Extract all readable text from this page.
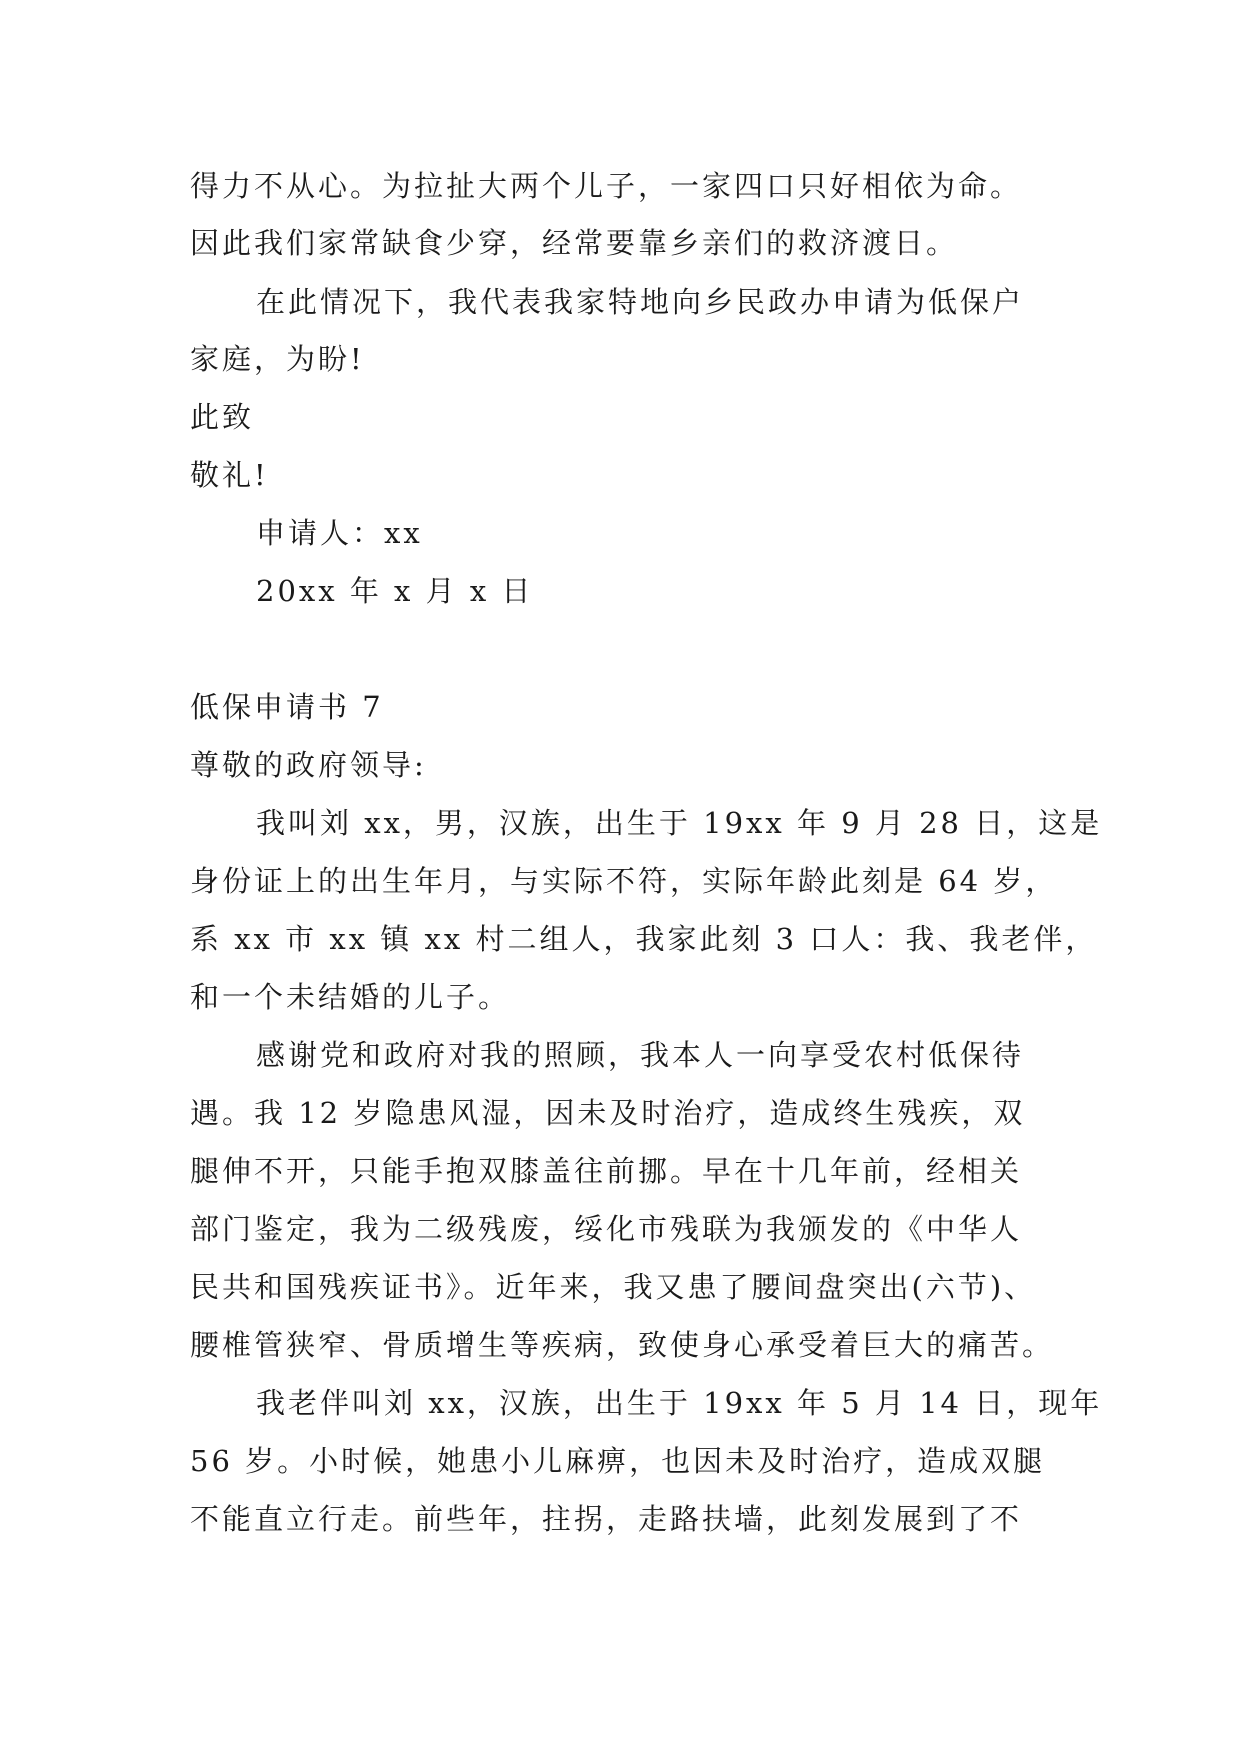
得力不从心。为拉扯大两个儿子，一家四口只好相依为命。
因此我们家常缺食少穿，经常要靠乡亲们的救济渡日。
在此情况下，我代表我家特地向乡民政办申请为低保户
家庭，为盼!
此致
敬礼!
申请人：xx
20xx 年 x 月 x 日
低保申请书 7
尊敬的政府领导:
我叫刘 xx，男，汉族，出生于 19xx 年 9 月 28 日，这是
身份证上的出生年月，与实际不符，实际年龄此刻是 64 岁，
系 xx 市 xx 镇 xx 村二组人，我家此刻 3 口人：我、我老伴，
和一个未结婚的儿子。
感谢党和政府对我的照顾，我本人一向享受农村低保待
遇。我 12 岁隐患风湿，因未及时治疗，造成终生残疾，双
腿伸不开，只能手抱双膝盖往前挪。早在十几年前，经相关
部门鉴定，我为二级残废，绥化市残联为我颁发的《中华人
民共和国残疾证书》。近年来，我又患了腰间盘突出(六节)、
腰椎管狭窄、骨质增生等疾病，致使身心承受着巨大的痛苦。
我老伴叫刘 xx，汉族，出生于 19xx 年 5 月 14 日，现年
56 岁。小时候，她患小儿麻痹，也因未及时治疗，造成双腿
不能直立行走。前些年，拄拐，走路扶墙，此刻发展到了不
